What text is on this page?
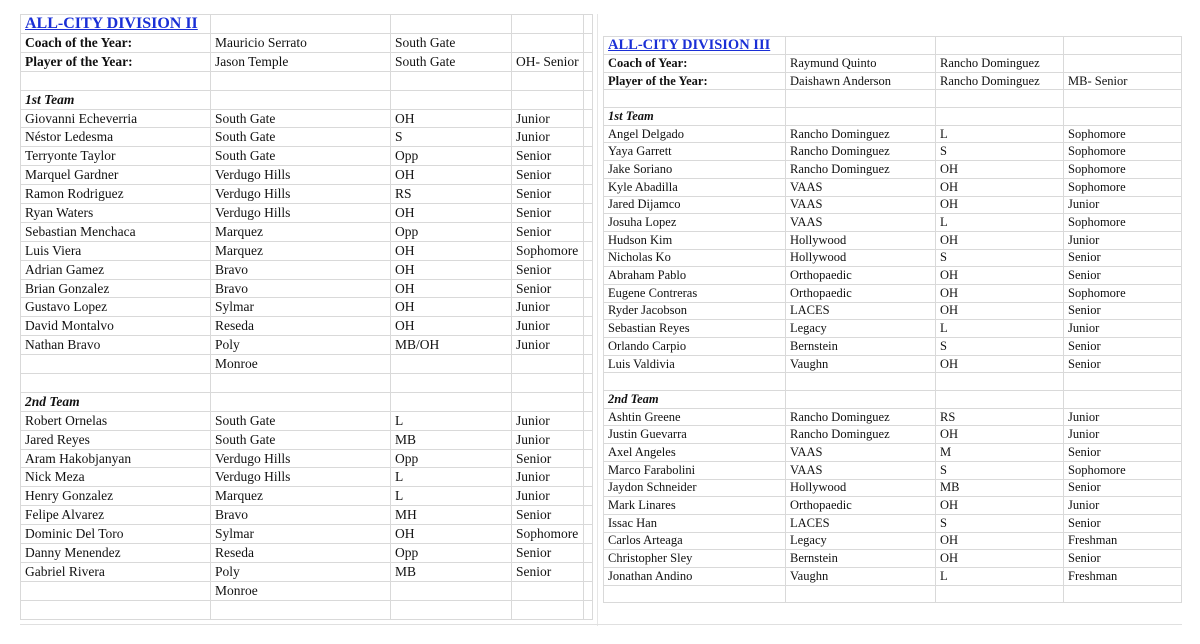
ALL-CITY DIVISION II				
Coach of the Year:	Mauricio Serrato	South Gate		
Player of the Year:	Jason Temple	South Gate	OH- Senior	

1st Team				
Giovanni Echeverria	South Gate	OH	Junior	
Néstor Ledesma	South Gate	S	Junior	
Terryonte Taylor	South Gate	Opp	Senior	
Marquel Gardner	Verdugo Hills	OH	Senior	
Ramon Rodriguez	Verdugo Hills	RS	Senior	
Ryan Waters	Verdugo Hills	OH	Senior	
Sebastian Menchaca	Marquez	Opp	Senior	
Luis Viera	Marquez	OH	Sophomore	
Adrian Gamez	Bravo	OH	Senior	
Brian Gonzalez	Bravo	OH	Senior	
Gustavo Lopez	Sylmar	OH	Junior	
David Montalvo	Reseda	OH	Junior	
Nathan Bravo	Poly	MB/OH	Junior	
	Monroe			

2nd Team				
Robert Ornelas	South Gate	L	Junior	
Jared Reyes	South Gate	MB	Junior	
Aram Hakobjanyan	Verdugo Hills	Opp	Senior	
Nick Meza	Verdugo Hills	L	Junior	
Henry Gonzalez	Marquez	L	Junior	
Felipe Alvarez	Bravo	MH	Senior	
Dominic Del Toro	Sylmar	OH	Sophomore	
Danny Menendez	Reseda	Opp	Senior	
Gabriel Rivera	Poly	MB	Senior	
	Monroe			

ALL-CITY DIVISION III			
Coach of Year:	Raymund Quinto	Rancho Dominguez	
Player of the Year:	Daishawn Anderson	Rancho Dominguez	MB- Senior

1st Team			
Angel Delgado	Rancho Dominguez	L	Sophomore
Yaya Garrett	Rancho Dominguez	S	Sophomore
Jake Soriano	Rancho Dominguez	OH	Sophomore
Kyle Abadilla	VAAS	OH	Sophomore
Jared Dijamco	VAAS	OH	Junior
Josuha Lopez	VAAS	L	Sophomore
Hudson Kim	Hollywood	OH	Junior
Nicholas Ko	Hollywood	S	Senior
Abraham Pablo	Orthopaedic	OH	Senior
Eugene Contreras	Orthopaedic	OH	Sophomore
Ryder Jacobson	LACES	OH	Senior
Sebastian Reyes	Legacy	L	Junior
Orlando Carpio	Bernstein	S	Senior
Luis Valdivia	Vaughn	OH	Senior

2nd Team			
Ashtin Greene	Rancho Dominguez	RS	Junior
Justin Guevarra	Rancho Dominguez	OH	Junior
Axel Angeles	VAAS	M	Senior
Marco Farabolini	VAAS	S	Sophomore
Jaydon Schneider	Hollywood	MB	Senior
Mark Linares	Orthopaedic	OH	Junior
Issac Han	LACES	S	Senior
Carlos Arteaga	Legacy	OH	Freshman
Christopher Sley	Bernstein	OH	Senior
Jonathan Andino	Vaughn	L	Freshman
